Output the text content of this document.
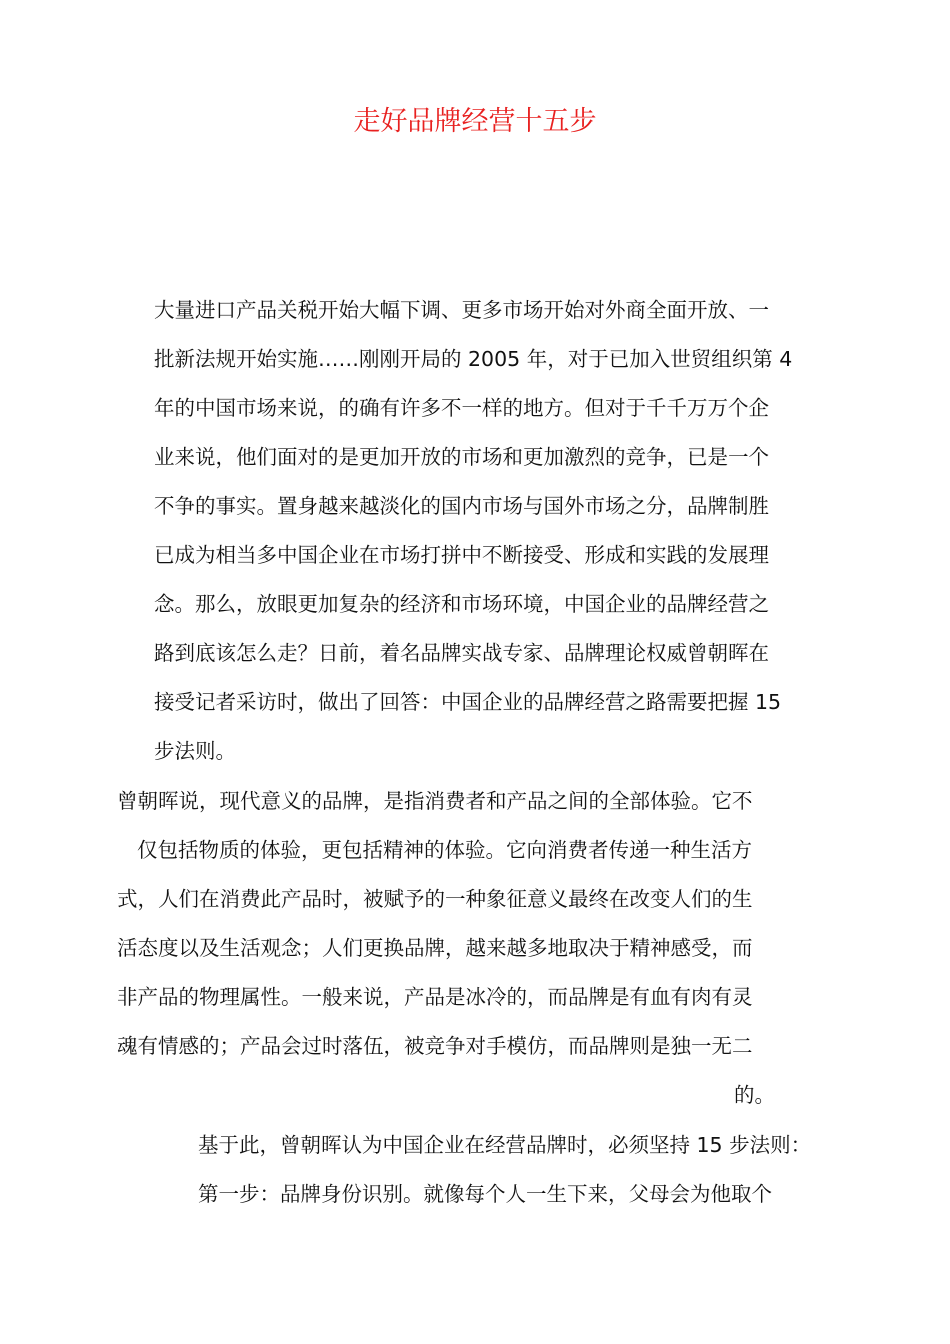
走好品牌经营十五步

大量进口产品关税开始大幅下调、更多市场开始对外商全面开放、一

批新法规开始实施……刚刚开局的 2005 年，对于已加入世贸组织第 4

年的中国市场来说，的确有许多不一样的地方。但对于千千万万个企

业来说，他们面对的是更加开放的市场和更加激烈的竞争，已是一个

不争的事实。置身越来越淡化的国内市场与国外市场之分，品牌制胜

已成为相当多中国企业在市场打拼中不断接受、形成和实践的发展理

念。那么，放眼更加复杂的经济和市场环境，中国企业的品牌经营之

路到底该怎么走？日前，着名品牌实战专家、品牌理论权威曾朝晖在

接受记者采访时，做出了回答：中国企业的品牌经营之路需要把握 15

步法则。

曾朝晖说，现代意义的品牌，是指消费者和产品之间的全部体验。它不

仅包括物质的体验，更包括精神的体验。它向消费者传递一种生活方

式，人们在消费此产品时，被赋予的一种象征意义最终在改变人们的生

活态度以及生活观念；人们更换品牌，越来越多地取决于精神感受，而

非产品的物理属性。一般来说，产品是冰冷的，而品牌是有血有肉有灵

魂有情感的；产品会过时落伍，被竞争对手模仿，而品牌则是独一无二

的。

基于此，曾朝晖认为中国企业在经营品牌时，必须坚持 15 步法则：

第一步：品牌身份识别。就像每个人一生下来，父母会为他取个
